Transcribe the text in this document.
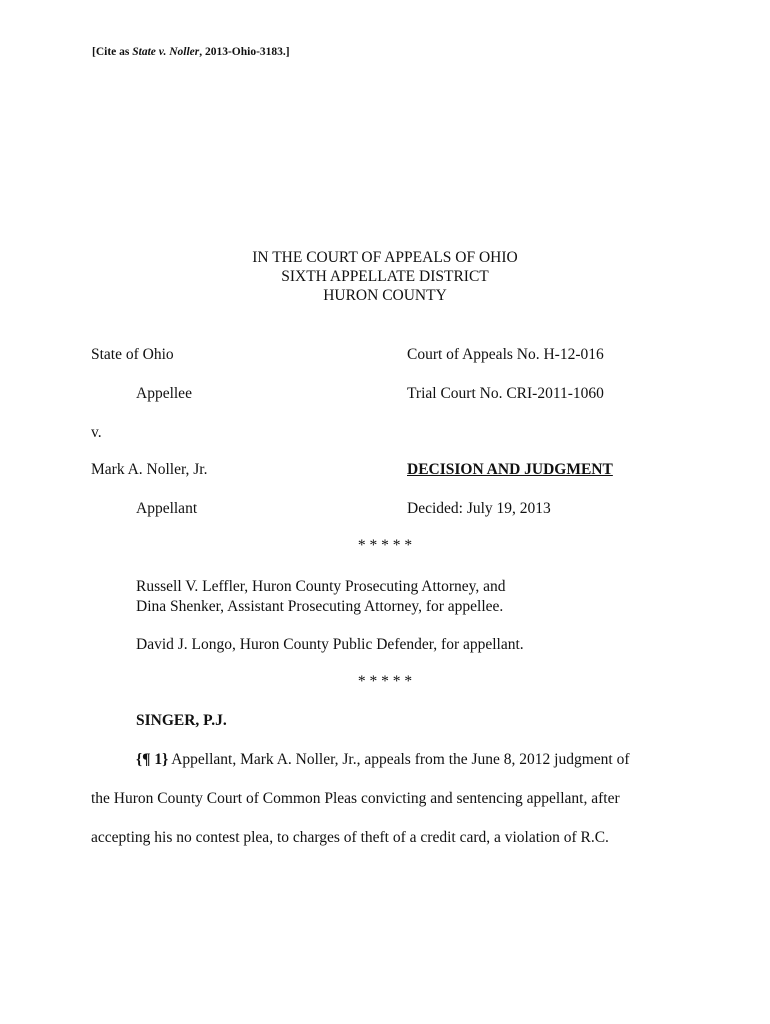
[Cite as State v. Noller, 2013-Ohio-3183.]
IN THE COURT OF APPEALS OF OHIO
SIXTH APPELLATE DISTRICT
HURON COUNTY
State of Ohio	Court of Appeals No. H-12-016
Appellee	Trial Court No. CRI-2011-1060
v.
Mark A. Noller, Jr.	DECISION AND JUDGMENT
Appellant	Decided: July 19, 2013
* * * * *
Russell V. Leffler, Huron County Prosecuting Attorney, and
Dina Shenker, Assistant Prosecuting Attorney, for appellee.
David J. Longo, Huron County Public Defender, for appellant.
* * * * *
SINGER, P.J.
{¶ 1} Appellant, Mark A. Noller, Jr., appeals from the June 8, 2012 judgment of
the Huron County Court of Common Pleas convicting and sentencing appellant, after
accepting his no contest plea, to charges of theft of a credit card, a violation of R.C.
